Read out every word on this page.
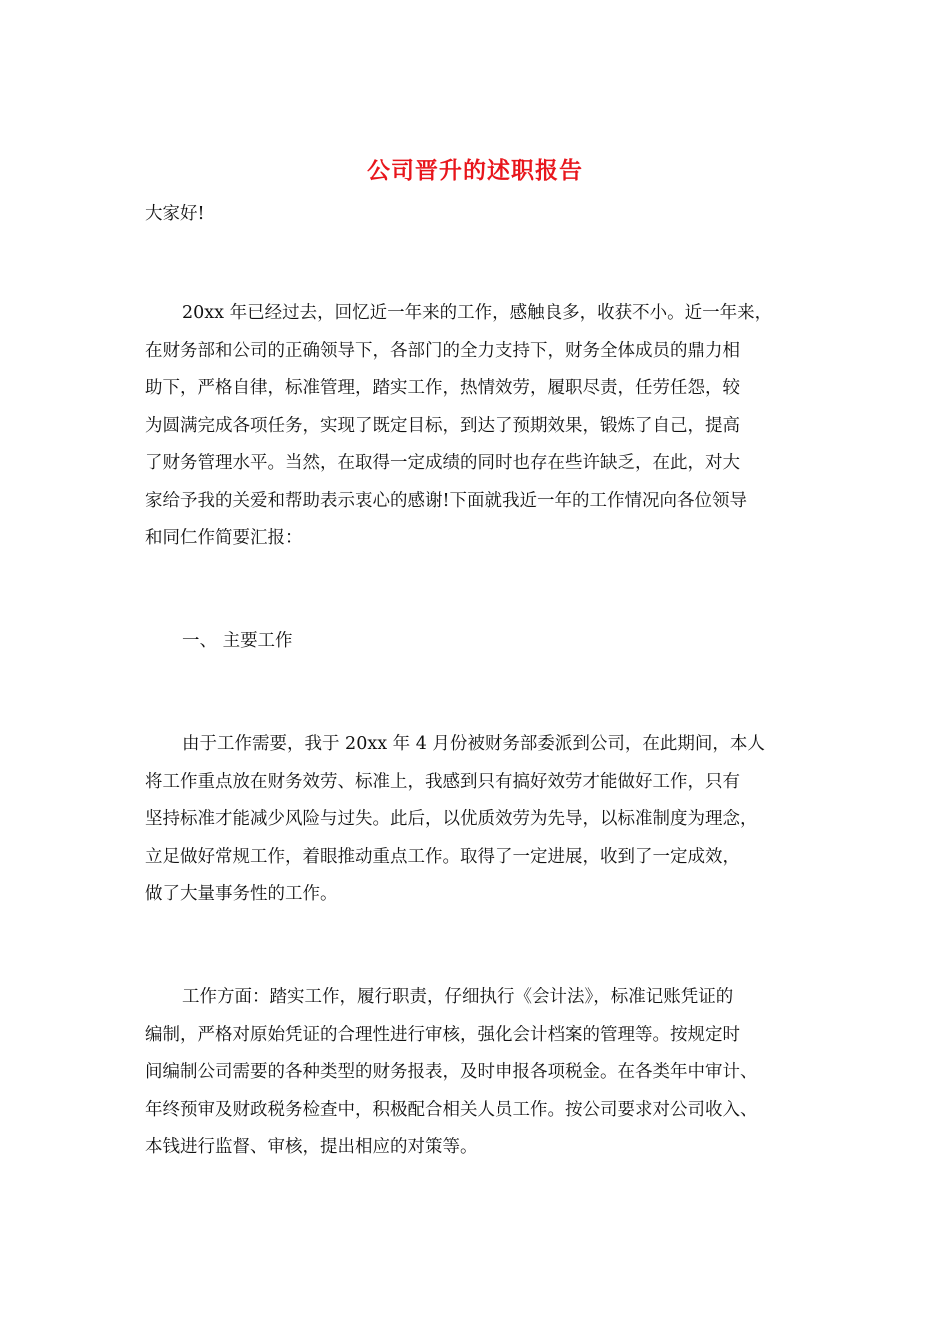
公司晋升的述职报告
大家好!
20xx 年已经过去，回忆近一年来的工作，感触良多，收获不小。近一年来，
在财务部和公司的正确领导下，各部门的全力支持下，财务全体成员的鼎力相
助下，严格自律，标准管理，踏实工作，热情效劳，履职尽责，任劳任怨，较
为圆满完成各项任务，实现了既定目标，到达了预期效果，锻炼了自己，提高
了财务管理水平。当然，在取得一定成绩的同时也存在些许缺乏，在此，对大
家给予我的关爱和帮助表示衷心的感谢!下面就我近一年的工作情况向各位领导
和同仁作简要汇报：
一、 主要工作
由于工作需要，我于 20xx 年 4 月份被财务部委派到公司，在此期间，本人
将工作重点放在财务效劳、标准上，我感到只有搞好效劳才能做好工作，只有
坚持标准才能减少风险与过失。此后，以优质效劳为先导，以标准制度为理念，
立足做好常规工作，着眼推动重点工作。取得了一定进展，收到了一定成效，
做了大量事务性的工作。
工作方面：踏实工作，履行职责，仔细执行《会计法》，标准记账凭证的
编制，严格对原始凭证的合理性进行审核，强化会计档案的管理等。按规定时
间编制公司需要的各种类型的财务报表，及时申报各项税金。在各类年中审计、
年终预审及财政税务检查中，积极配合相关人员工作。按公司要求对公司收入、
本钱进行监督、审核，提出相应的对策等。
